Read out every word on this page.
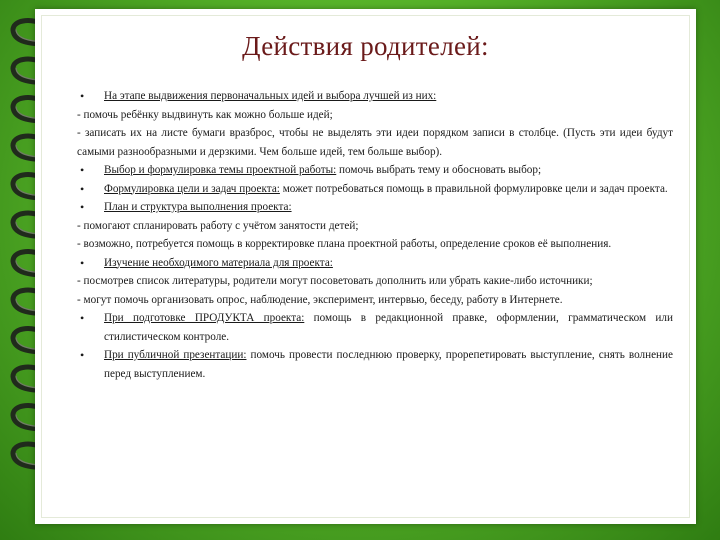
Действия родителей:
• На этапе выдвижения первоначальных идей и выбора лучшей из них:
- помочь ребёнку выдвинуть как можно больше идей;
- записать их на листе бумаги вразброс, чтобы не выделять эти идеи порядком записи в столбце. (Пусть эти идеи будут самыми разнообразными и дерзкими. Чем больше идей, тем больше выбор).
• Выбор и формулировка темы проектной работы: помочь выбрать тему и обосновать выбор;
• Формулировка цели и задач проекта: может потребоваться помощь в правильной формулировке цели и задач проекта.
• План и структура выполнения проекта:
- помогают спланировать работу с учётом занятости детей;
- возможно, потребуется помощь в корректировке плана проектной работы, определение сроков её выполнения.
• Изучение необходимого материала для проекта:
- посмотрев список литературы, родители могут посоветовать дополнить или убрать какие-либо источники;
- могут помочь организовать опрос, наблюдение, эксперимент, интервью, беседу, работу в Интернете.
• При подготовке ПРОДУКТА проекта: помощь в редакционной правке, оформлении, грамматическом или стилистическом контроле.
• При публичной презентации: помочь провести последнюю проверку, прорепетировать выступление, снять волнение перед выступлением.
